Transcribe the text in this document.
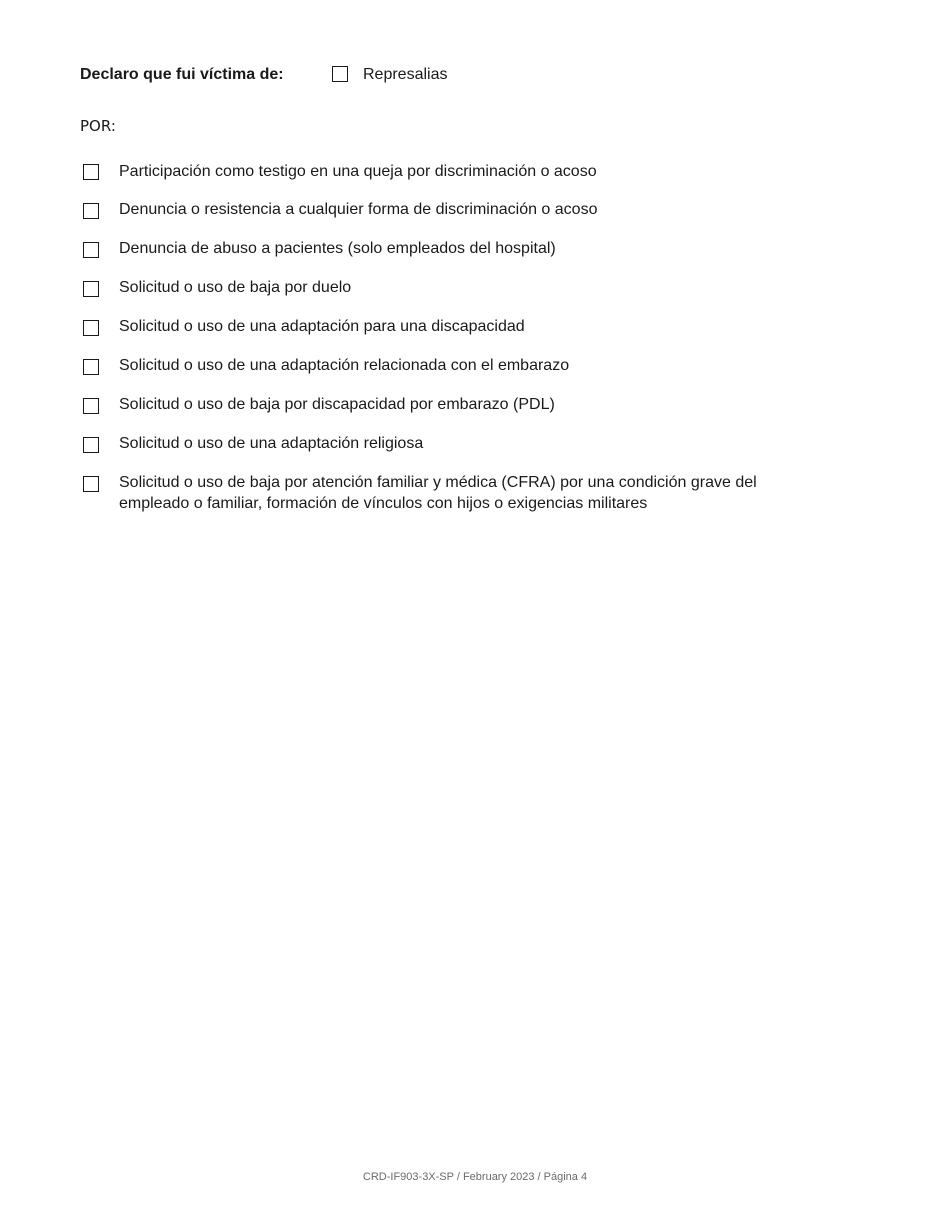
Declaro que fui víctima de:	Represalias
POR:
Participación como testigo en una queja por discriminación o acoso
Denuncia o resistencia a cualquier forma de discriminación o acoso
Denuncia de abuso a pacientes (solo empleados del hospital)
Solicitud o uso de baja por duelo
Solicitud o uso de una adaptación para una discapacidad
Solicitud o uso de una adaptación relacionada con el embarazo
Solicitud o uso de baja por discapacidad por embarazo (PDL)
Solicitud o uso de una adaptación religiosa
Solicitud o uso de baja por atención familiar y médica (CFRA) por una condición grave del empleado o familiar, formación de vínculos con hijos o exigencias militares
CRD-IF903-3X-SP / February 2023 / Página 4
